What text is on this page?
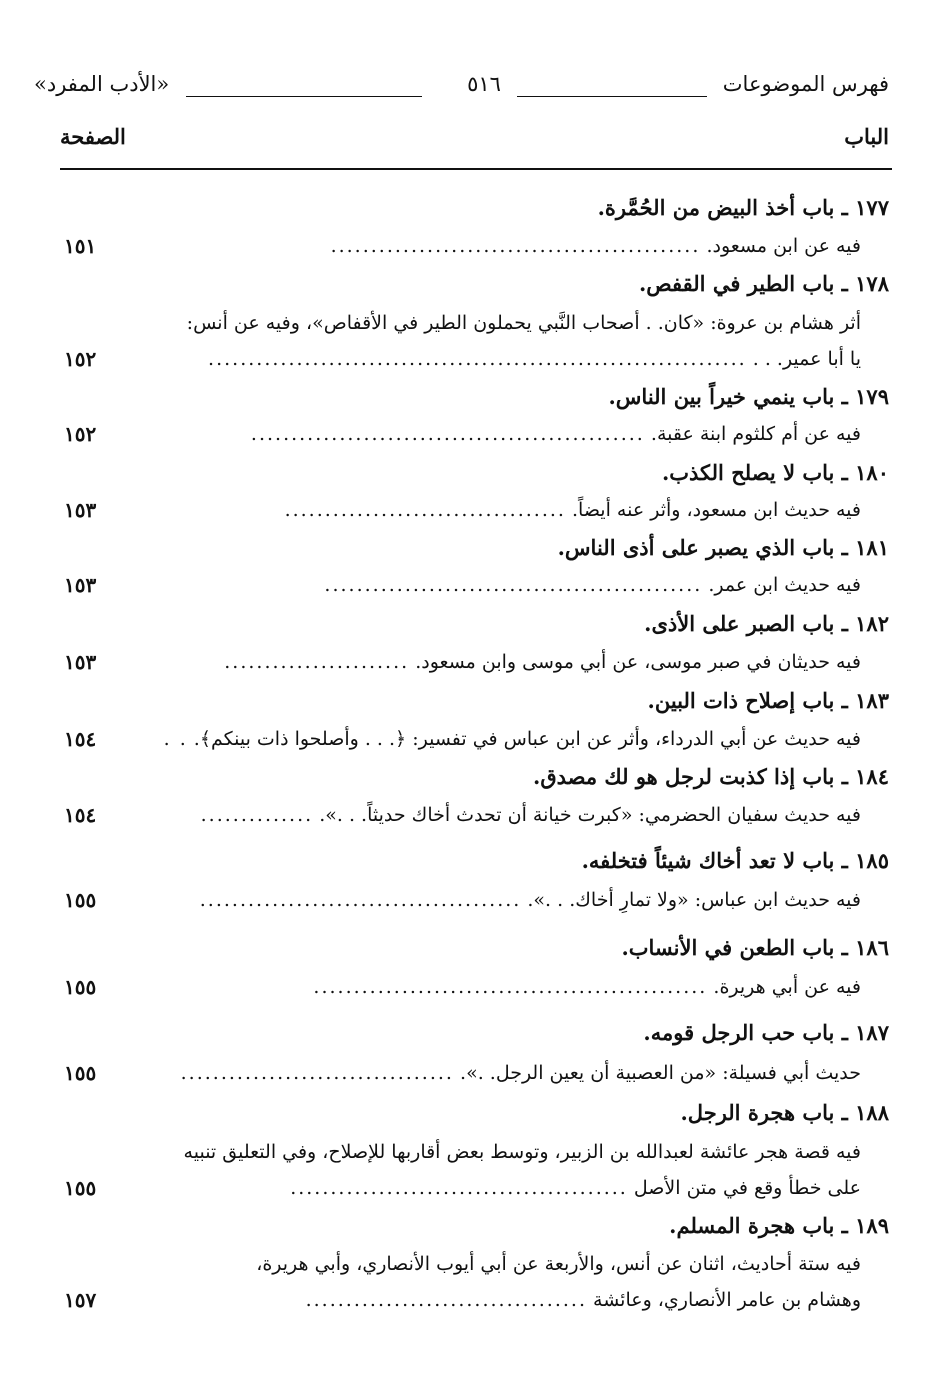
فهرس الموضوعات
٥١٦
«الأدب المفرد»
الباب
الصفحة
١٧٧ ـ باب أخذ البيض من الحُمَّرة.
فيه عن ابن مسعود. ..............................................
١٥١
١٧٨ ـ باب الطير في القفص.
أثر هشام بن عروة: «كان. . أصحاب النَّبي يحملون الطير في الأقفاص»، وفيه عن أنس:
يا أبا عمير. . . ...................................................................
١٥٢
١٧٩ ـ باب ينمي خيراً بين الناس.
فيه عن أم كلثوم ابنة عقبة. .................................................
١٥٢
١٨٠ ـ باب لا يصلح الكذب.
فيه حديث ابن مسعود، وأثر عنه أيضاً. ...................................
١٥٣
١٨١ ـ باب الذي يصبر على أذى الناس.
فيه حديث ابن عمر. ...............................................
١٥٣
١٨٢ ـ باب الصبر على الأذى.
فيه حديثان في صبر موسى، عن أبي موسى وابن مسعود. .......................
١٥٣
١٨٣ ـ باب إصلاح ذات البين.
فيه حديث عن أبي الدرداء، وأثر عن ابن عباس في تفسير: ﴿. . . وأصلحوا ذات بينكم﴾. . .
١٥٤
١٨٤ ـ باب إذا كذبت لرجل هو لك مصدق.
فيه حديث سفيان الحضرمي: «كبرت خيانة أن تحدث أخاك حديثاً. . .». ..............
١٥٤
١٨٥ ـ باب لا تعد أخاك شيئاً فتخلفه.
فيه حديث ابن عباس: «ولا تمارِ أخاك. . .». ........................................
١٥٥
١٨٦ ـ باب الطعن في الأنساب.
فيه عن أبي هريرة. .................................................
١٥٥
١٨٧ ـ باب حب الرجل قومه.
حديث أبي فسيلة: «من العصبية أن يعين الرجل. .». ..................................
١٥٥
١٨٨ ـ باب هجرة الرجل.
فيه قصة هجر عائشة لعبدالله بن الزبير، وتوسط بعض أقاربها للإصلاح، وفي التعليق تنبيه
على خطأ وقع في متن الأصل ..........................................
١٥٥
١٨٩ ـ باب هجرة المسلم.
فيه ستة أحاديث، اثنان عن أنس، والأربعة عن أبي أيوب الأنصاري، وأبي هريرة،
وهشام بن عامر الأنصاري، وعائشة ...................................
١٥٧
